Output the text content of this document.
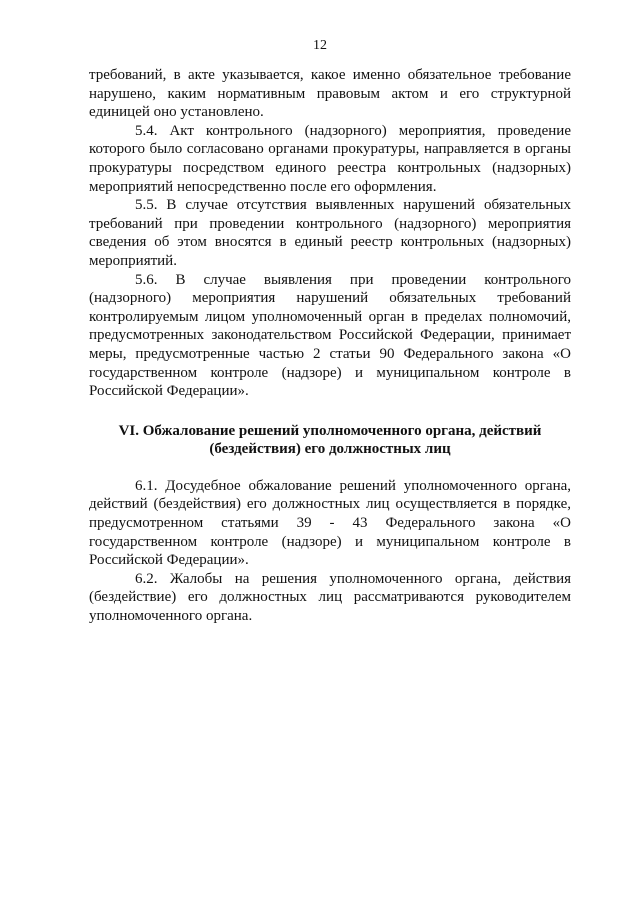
12

требований, в акте указывается, какое именно обязательное требование нарушено, каким нормативным правовым актом и его структурной единицей оно установлено.

5.4. Акт контрольного (надзорного) мероприятия, проведение которого было согласовано органами прокуратуры, направляется в органы прокуратуры посредством единого реестра контрольных (надзорных) мероприятий непосредственно после его оформления.

5.5. В случае отсутствия выявленных нарушений обязательных требований при проведении контрольного (надзорного) мероприятия сведения об этом вносятся в единый реестр контрольных (надзорных) мероприятий.

5.6. В случае выявления при проведении контрольного (надзорного) мероприятия нарушений обязательных требований контролируемым лицом уполномоченный орган в пределах полномочий, предусмотренных законодательством Российской Федерации, принимает меры, предусмотренные частью 2 статьи 90 Федерального закона «О государственном контроле (надзоре) и муниципальном контроле в Российской Федерации».

VI. Обжалование решений уполномоченного органа, действий
(бездействия) его должностных лиц

6.1. Досудебное обжалование решений уполномоченного органа, действий (бездействия) его должностных лиц осуществляется в порядке, предусмотренном статьями 39 - 43 Федерального закона «О государственном контроле (надзоре) и муниципальном контроле в Российской Федерации».

6.2. Жалобы на решения уполномоченного органа, действия (бездействие) его должностных лиц рассматриваются руководителем уполномоченного органа.
